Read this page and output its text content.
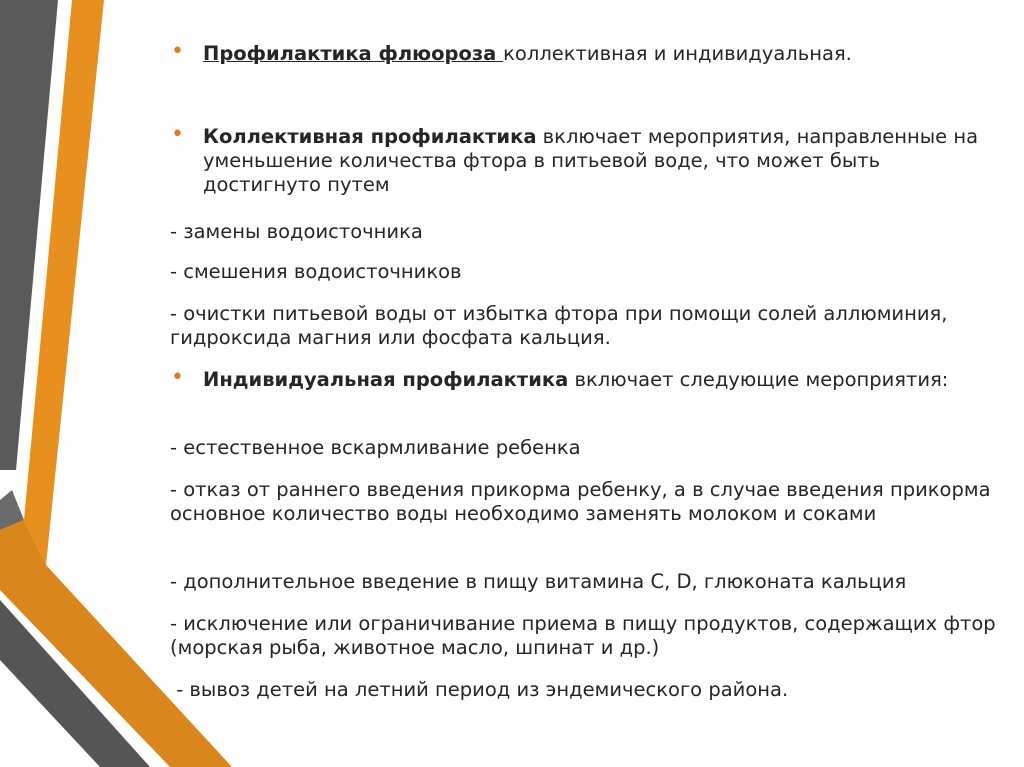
• Профилактика флюороза коллективная и индивидуальная.
• Коллективная профилактика включает мероприятия, направленные на уменьшение количества фтора в питьевой воде, что может быть достигнуто путем
- замены водоисточника
- смешения водоисточников
- очистки питьевой воды от избытка фтора при помощи солей аллюминия, гидроксида магния или фосфата кальция.
• Индивидуальная профилактика включает следующие мероприятия:
- естественное вскармливание ребенка
- отказ от раннего введения прикорма ребенку, а в случае введения прикорма основное количество воды необходимо заменять молоком и соками
- дополнительное введение в пищу витамина С, D, глюконата кальция
- исключение или ограничивание приема в пищу продуктов, содержащих фтор (морская рыба, животное масло, шпинат и др.)
- вывоз детей на летний период из эндемического района.
